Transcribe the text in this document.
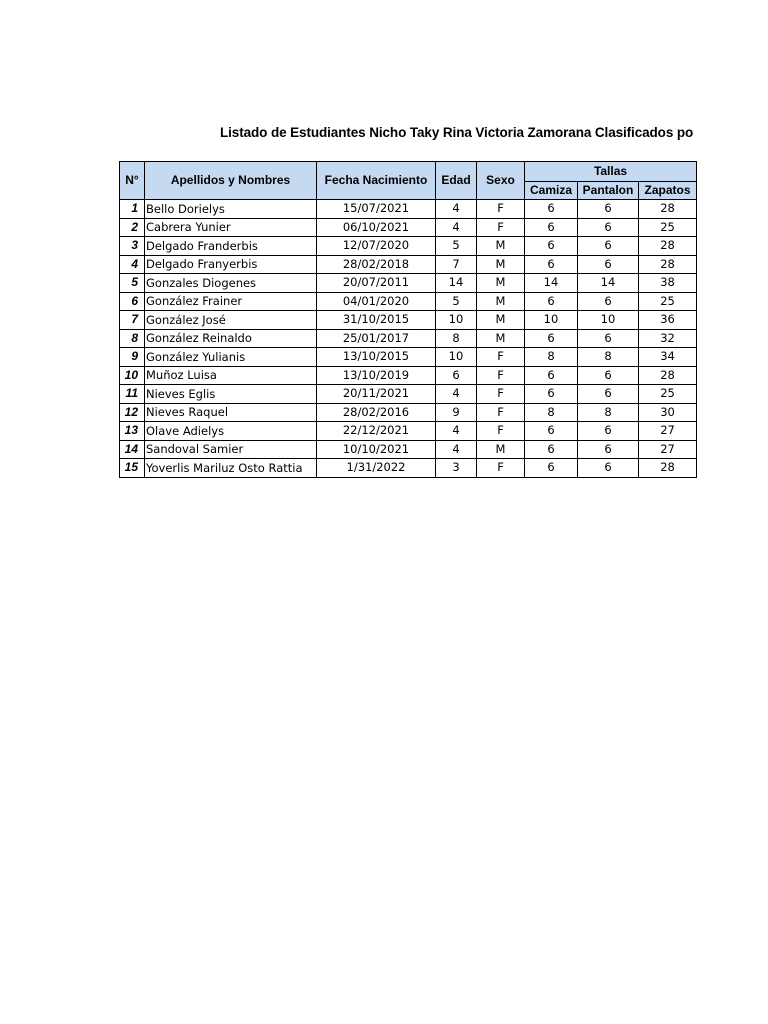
Listado de Estudiantes Nicho Taky Rina Victoria Zamorana Clasificados po
N°	Apellidos y Nombres	Fecha Nacimiento	Edad	Sexo	Tallas		
					Camiza	Pantalon	Zapatos
1	Bello Dorielys	15/07/2021	4	F	6	6	28
2	Cabrera Yunier	06/10/2021	4	F	6	6	25
3	Delgado Franderbis	12/07/2020	5	M	6	6	28
4	Delgado Franyerbis	28/02/2018	7	M	6	6	28
5	Gonzales Diogenes	20/07/2011	14	M	14	14	38
6	González Frainer	04/01/2020	5	M	6	6	25
7	González José	31/10/2015	10	M	10	10	36
8	González Reinaldo	25/01/2017	8	M	6	6	32
9	González Yulianis	13/10/2015	10	F	8	8	34
10	Muñoz Luisa	13/10/2019	6	F	6	6	28
11	Nieves Eglis	20/11/2021	4	F	6	6	25
12	Nieves Raquel	28/02/2016	9	F	8	8	30
13	Olave Adielys	22/12/2021	4	F	6	6	27
14	Sandoval Samier	10/10/2021	4	M	6	6	27
15	Yoverlis Mariluz Osto Rattia	1/31/2022	3	F	6	6	28
